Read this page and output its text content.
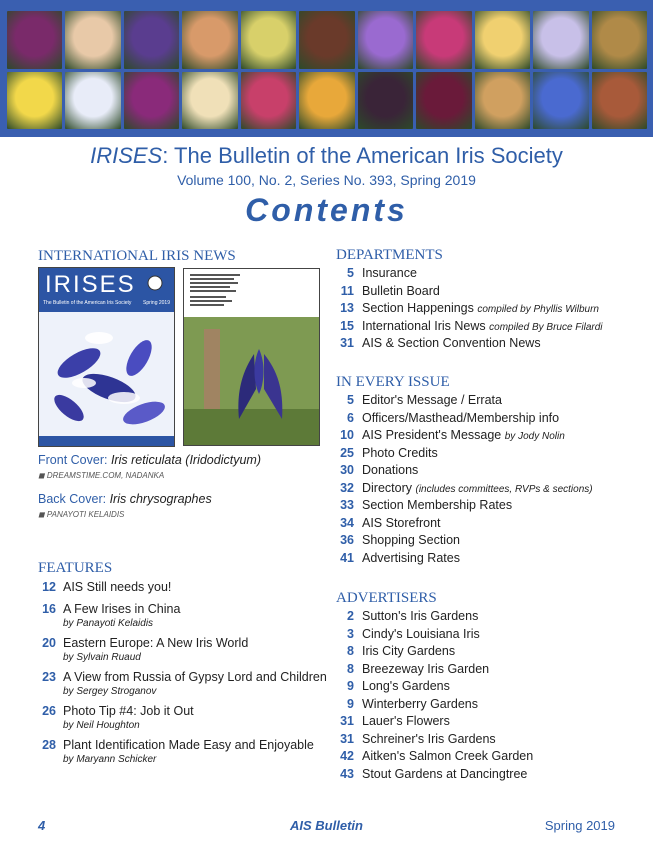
IRISES: The Bulletin of the American Iris Society
Volume 100, No. 2, Series No. 393, Spring 2019
Contents
INTERNATIONAL IRIS NEWS
IRISES
The Bulletin of the American Iris Society Spring 2019
Front Cover: Iris reticulata (Iridodictyum)
◼ DREAMSTIME.COM, NADANKA
Back Cover: Iris chrysographes
◼ PANAYOTI KELAIDIS
FEATURES
12 AIS Still needs you!
16 A Few Irises in China
by Panayoti Kelaidis
20 Eastern Europe: A New Iris World
by Sylvain Ruaud
23 A View from Russia of Gypsy Lord and Children
by Sergey Stroganov
26 Photo Tip #4: Job it Out
by Neil Houghton
28 Plant Identification Made Easy and Enjoyable
by Maryann Schicker
DEPARTMENTS
5 Insurance
11 Bulletin Board
13 Section Happenings compiled by Phyllis Wilburn
15 International Iris News compiled By Bruce Filardi
31 AIS & Section Convention News
IN EVERY ISSUE
5 Editor's Message / Errata
6 Officers/Masthead/Membership info
10 AIS President's Message by Jody Nolin
25 Photo Credits
30 Donations
32 Directory (includes committees, RVPs & sections)
33 Section Membership Rates
34 AIS Storefront
36 Shopping Section
41 Advertising Rates
ADVERTISERS
2 Sutton's Iris Gardens
3 Cindy's Louisiana Iris
8 Iris City Gardens
8 Breezeway Iris Garden
9 Long's Gardens
9 Winterberry Gardens
31 Lauer's Flowers
31 Schreiner's Iris Gardens
42 Aitken's Salmon Creek Garden
43 Stout Gardens at Dancingtree
4	AIS Bulletin	Spring 2019
